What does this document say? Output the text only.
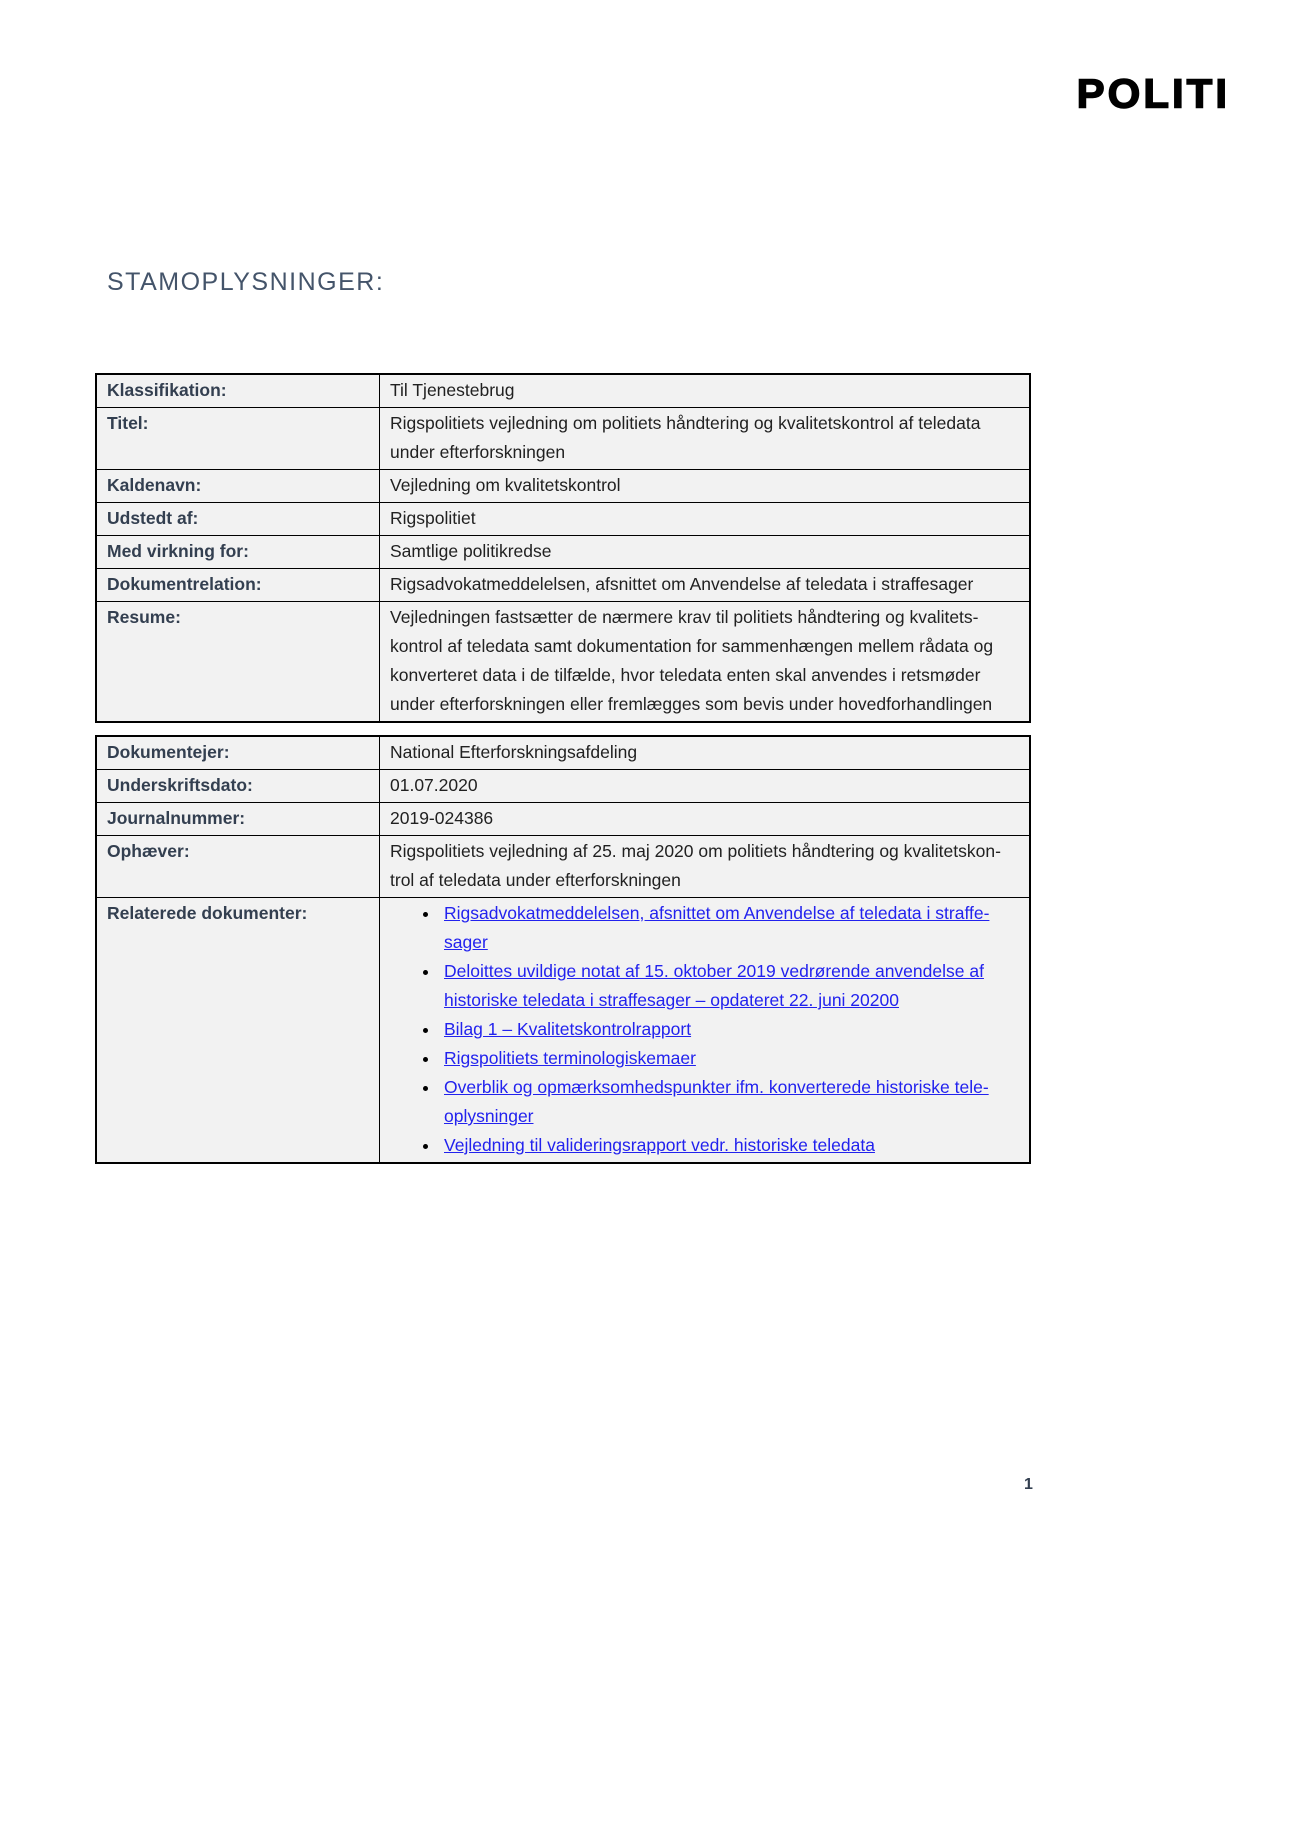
POLITI
STAMOPLYSNINGER:
Klassifikation:	Til Tjenestebrug
Titel:	Rigspolitiets vejledning om politiets håndtering og kvalitetskontrol af teledata under efterforskningen
Kaldenavn:	Vejledning om kvalitetskontrol
Udstedt af:	Rigspolitiet
Med virkning for:	Samtlige politikredse
Dokumentrelation:	Rigsadvokatmeddelelsen, afsnittet om Anvendelse af teledata i straffesager
Resume:	Vejledningen fastsætter de nærmere krav til politiets håndtering og kvalitets-kontrol af teledata samt dokumentation for sammenhængen mellem rådata og konverteret data i de tilfælde, hvor teledata enten skal anvendes i retsmøder under efterforskningen eller fremlægges som bevis under hovedforhandlingen
Dokumentejer:	National Efterforskningsafdeling
Underskriftsdato:	01.07.2020
Journalnummer:	2019-024386
Ophæver:	Rigspolitiets vejledning af 25. maj 2020 om politiets håndtering og kvalitetskon-trol af teledata under efterforskningen
Relaterede dokumenter:	
•Rigsadvokatmeddelelsen, afsnittet om Anvendelse af teledata i straffe-sager
• Deloittes uvildige notat af 15. oktober 2019 vedrørende anvendelse af historiske teledata i straffesager – opdateret 22. juni 20200
• Bilag 1 – Kvalitetskontrolrapport
• Rigspolitiets terminologiskemaer
• Overblik og opmærksomhedspunkter ifm. konverterede historiske tele-oplysninger
• Vejledning til valideringsrapport vedr. historiske teledata
1
